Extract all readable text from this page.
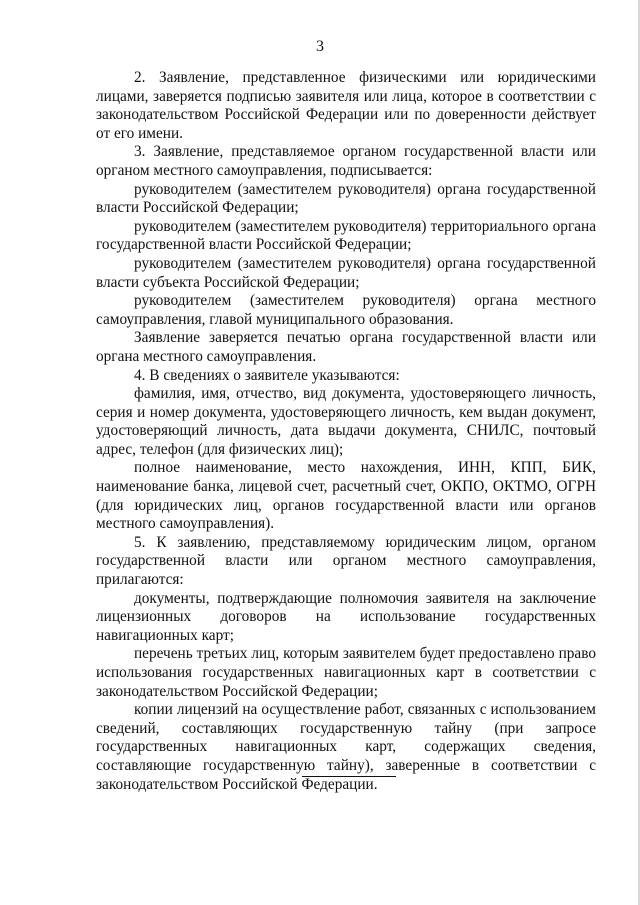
3

2. Заявление, представленное физическими или юридическими лицами, заверяется подписью заявителя или лица, которое в соответствии с законодательством Российской Федерации или по доверенности действует от его имени.

3. Заявление, представляемое органом государственной власти или органом местного самоуправления, подписывается:

руководителем (заместителем руководителя) органа государственной власти Российской Федерации;

руководителем (заместителем руководителя) территориального органа государственной власти Российской Федерации;

руководителем (заместителем руководителя) органа государственной власти субъекта Российской Федерации;

руководителем (заместителем руководителя) органа местного самоуправления, главой муниципального образования.

Заявление заверяется печатью органа государственной власти или органа местного самоуправления.

4. В сведениях о заявителе указываются:

фамилия, имя, отчество, вид документа, удостоверяющего личность, серия и номер документа, удостоверяющего личность, кем выдан документ, удостоверяющий личность, дата выдачи документа, СНИЛС, почтовый адрес, телефон (для физических лиц);

полное наименование, место нахождения, ИНН, КПП, БИК, наименование банка, лицевой счет, расчетный счет, ОКПО, ОКТМО, ОГРН (для юридических лиц, органов государственной власти или органов местного самоуправления).

5. К заявлению, представляемому юридическим лицом, органом государственной власти или органом местного самоуправления, прилагаются:

документы, подтверждающие полномочия заявителя на заключение лицензионных договоров на использование государственных навигационных карт;

перечень третьих лиц, которым заявителем будет предоставлено право использования государственных навигационных карт в соответствии с законодательством Российской Федерации;

копии лицензий на осуществление работ, связанных с использованием сведений, составляющих государственную тайну (при запросе государственных навигационных карт, содержащих сведения, составляющие государственную тайну), заверенные в соответствии с законодательством Российской Федерации.
